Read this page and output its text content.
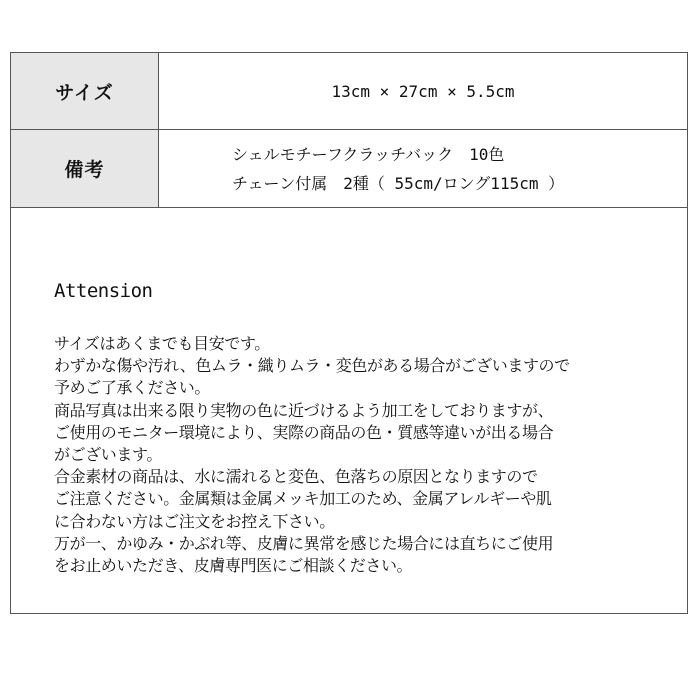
サイズ	13cm × 27cm × 5.5cm
備考
シェルモチーフクラッチバック　10色
チェーン付属　2種（ 55cm/ロング115cm ）
Attension
サイズはあくまでも目安です。
わずかな傷や汚れ、色ムラ・織りムラ・変色がある場合がございますので
予めご了承ください。
商品写真は出来る限り実物の色に近づけるよう加工をしておりますが、
ご使用のモニター環境により、実際の商品の色・質感等違いが出る場合
がございます。
合金素材の商品は、水に濡れると変色、色落ちの原因となりますので
ご注意ください。金属類は金属メッキ加工のため、金属アレルギーや肌
に合わない方はご注文をお控え下さい。
万が一、かゆみ・かぶれ等、皮膚に異常を感じた場合には直ちにご使用
をお止めいただき、皮膚専門医にご相談ください。
